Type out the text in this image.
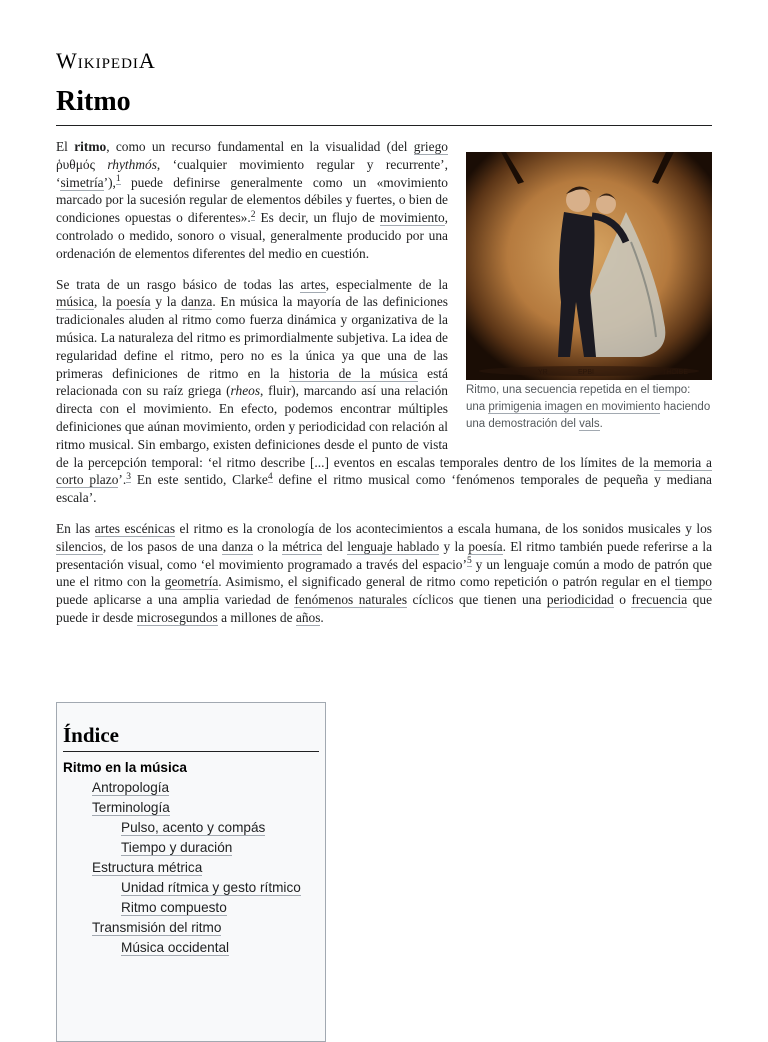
WikipediA
Ritmo
YR	EPBI	THOIBE
Ritmo, una secuencia repetida en el tiempo: una primigenia imagen en movimiento haciendo una demostración del vals.

El ritmo, como un recurso fundamental en la visualidad (del griego ῥυθμός rhythmós, ‘cualquier movimiento regular y recurrente’, ‘simetría’),$^1$ puede definirse generalmente como un «movimiento marcado por la sucesión regular de elementos débiles y fuertes, o bien de condiciones opuestas o diferentes».$^2$ Es decir, un flujo de movimiento, controlado o medido, sonoro o visual, generalmente producido por una ordenación de elementos diferentes del medio en cuestión.

Se trata de un rasgo básico de todas las artes, especialmente de la música, la poesía y la danza. En música la mayoría de las definiciones tradicionales aluden al ritmo como fuerza dinámica y organizativa de la música. La naturaleza del ritmo es primordialmente subjetiva. La idea de regularidad define el ritmo, pero no es la única ya que una de las primeras definiciones de ritmo en la historia de la música está relacionada con su raíz griega (rheos, fluir), marcando así una relación directa con el movimiento. En efecto, podemos encontrar múltiples definiciones que aúnan movimiento, orden y periodicidad con relación al ritmo musical. Sin embargo, existen definiciones desde el punto de vista de la percepción temporal: ‘el ritmo describe [...] eventos en escalas temporales dentro de los límites de la memoria a corto plazo’.$^3$ En este sentido, Clarke$^4$ define el ritmo musical como ‘fenómenos temporales de pequeña y mediana escala’.

En las artes escénicas el ritmo es la cronología de los acontecimientos a escala humana, de los sonidos musicales y los silencios, de los pasos de una danza o la métrica del lenguaje hablado y la poesía. El ritmo también puede referirse a la presentación visual, como ‘el movimiento programado a través del espacio’$^5$ y un lenguaje común a modo de patrón que une el ritmo con la geometría. Asimismo, el significado general de ritmo como repetición o patrón regular en el tiempo puede aplicarse a una amplia variedad de fenómenos naturales cíclicos que tienen una periodicidad o frecuencia que puede ir desde microsegundos a millones de años.

Índice
Ritmo en la música
Antropología
Terminología
Pulso, acento y compás
Tiempo y duración
Estructura métrica
Unidad rítmica y gesto rítmico
Ritmo compuesto
Transmisión del ritmo
Música occidental
